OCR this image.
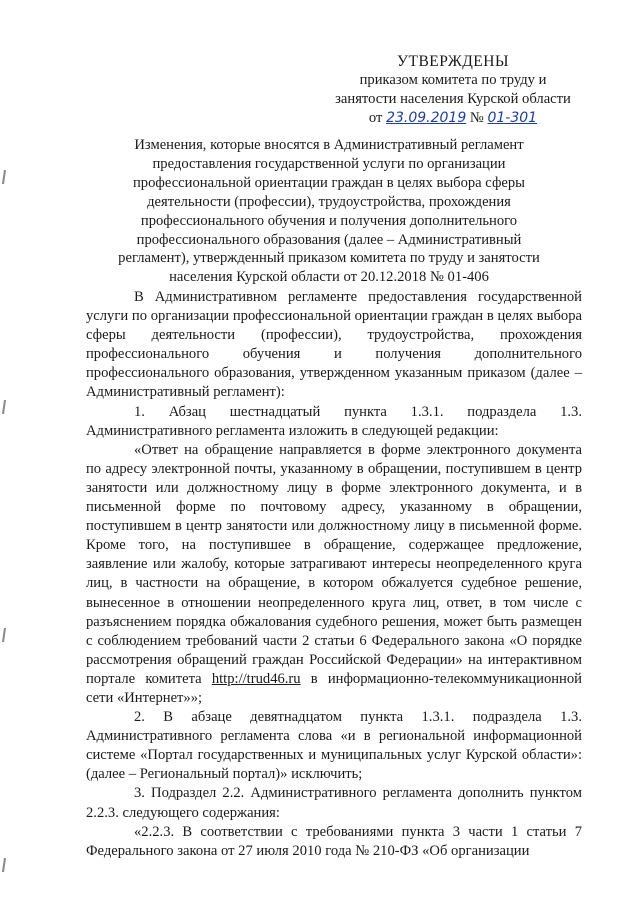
УТВЕРЖДЕНЫ
приказом комитета по труду и
занятости населения Курской области
от 23.09.2019 № 01-301
Изменения, которые вносятся в Административный регламент предоставления государственной услуги по организации профессиональной ориентации граждан в целях выбора сферы деятельности (профессии), трудоустройства, прохождения профессионального обучения и получения дополнительного профессионального образования (далее – Административный регламент), утвержденный приказом комитета по труду и занятости населения Курской области от 20.12.2018 № 01-406

В Административном регламенте предоставления государственной услуги по организации профессиональной ориентации граждан в целях выбора сферы деятельности (профессии), трудоустройства, прохождения профессионального обучения и получения дополнительного профессионального образования, утвержденном указанным приказом (далее – Административный регламент):

1. Абзац шестнадцатый пункта 1.3.1. подраздела 1.3. Административного регламента изложить в следующей редакции:

«Ответ на обращение направляется в форме электронного документа по адресу электронной почты, указанному в обращении, поступившем в центр занятости или должностному лицу в форме электронного документа, и в письменной форме по почтовому адресу, указанному в обращении, поступившем в центр занятости или должностному лицу в письменной форме. Кроме того, на поступившее в обращение, содержащее предложение, заявление или жалобу, которые затрагивают интересы неопределенного круга лиц, в частности на обращение, в котором обжалуется судебное решение, вынесенное в отношении неопределенного круга лиц, ответ, в том числе с разъяснением порядка обжалования судебного решения, может быть размещен с соблюдением требований части 2 статьи 6 Федерального закона «О порядке рассмотрения обращений граждан Российской Федерации» на интерактивном портале комитета http://trud46.ru в информационно-телекоммуникационной сети «Интернет»»;

2. В абзаце девятнадцатом пункта 1.3.1. подраздела 1.3. Административного регламента слова «и в региональной информационной системе «Портал государственных и муниципальных услуг Курской области»: (далее – Региональный портал)» исключить;

3. Подраздел 2.2. Административного регламента дополнить пунктом 2.2.3. следующего содержания:

«2.2.3. В соответствии с требованиями пункта 3 части 1 статьи 7 Федерального закона от 27 июля 2010 года № 210-ФЗ «Об организации
